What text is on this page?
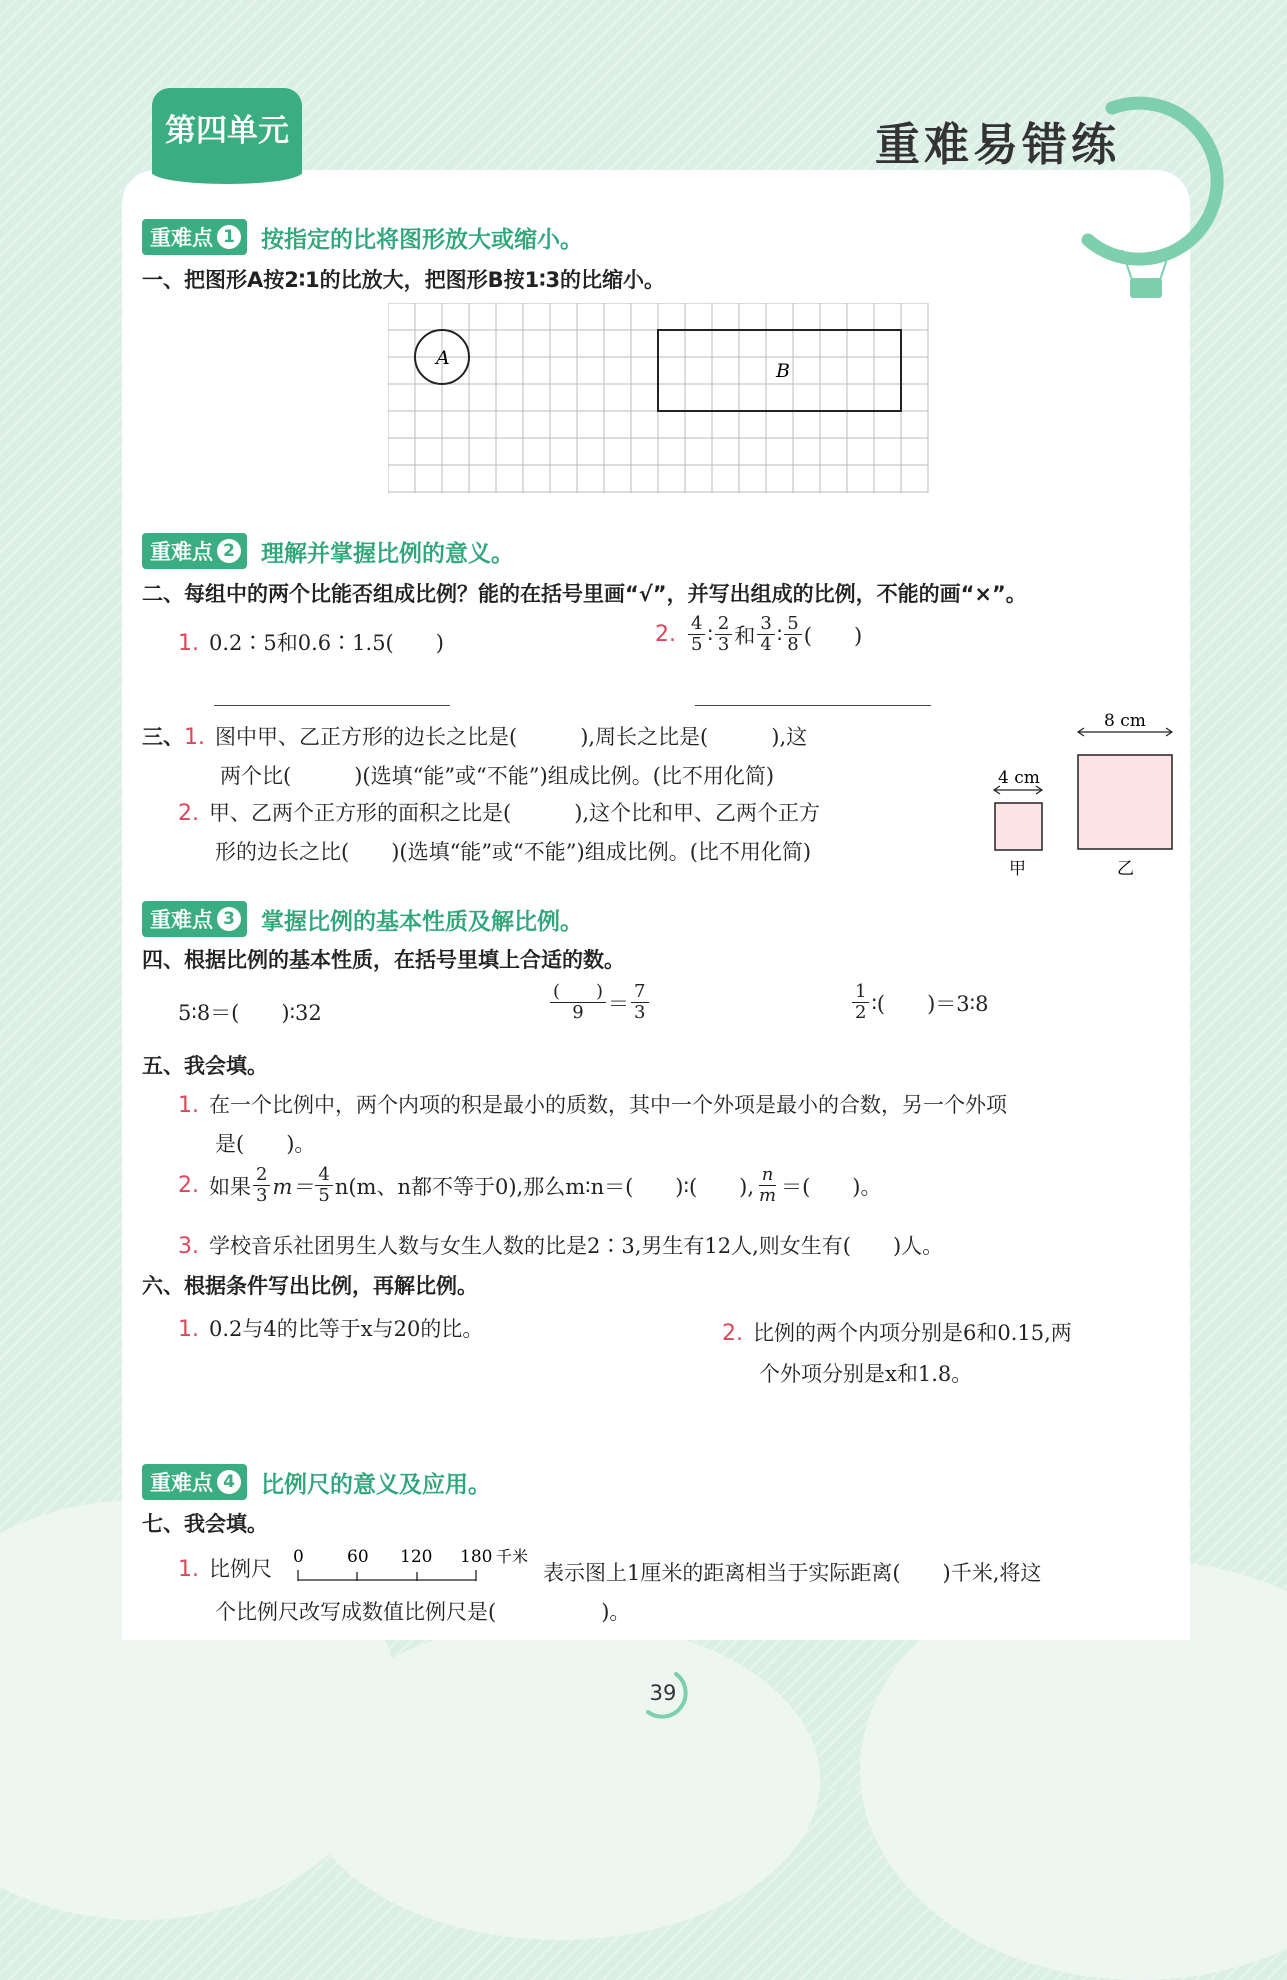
第四单元	重难易错练
重难点 1 按指定的比将图形放大或缩小。
一、把图形A按2∶1的比放大，把图形B按1∶3的比缩小。
A
B
重难点 2 理解并掌握比例的意义。
二、每组中的两个比能否组成比例？能的在括号里画“√”，并写出组成的比例，不能的画“×”。
1. 0.2∶5和0.6∶1.5(　　)	2. $\frac{4}{5}$ ∶ $\frac{2}{3}$ 和 $\frac{3}{4}$ ∶ $\frac{5}{8}$ (　　)
三、1. 图中甲、乙正方形的边长之比是(　　　),周长之比是(　　　),这
两个比(　　　)(选填“能”或“不能”)组成比例。(比不用化简)
2. 甲、乙两个正方形的面积之比是(　　　),这个比和甲、乙两个正方
形的边长之比(　　)(选填“能”或“不能”)组成比例。(比不用化简)
8 cm
4 cm
甲	乙
重难点 3 掌握比例的基本性质及解比例。
四、根据比例的基本性质，在括号里填上合适的数。
5∶8＝(　　)∶32	$\frac{( )}{9} = \frac{7}{3}$	$\frac{1}{2}$ ∶(　　)＝3∶8
五、我会填。
1. 在一个比例中，两个内项的积是最小的质数，其中一个外项是最小的合数，另一个外项
是(　　)。
2. 如果 $\frac{2}{3} m= \frac{4}{5} n(m$、n都不等于0),那么m∶n＝(　　)∶(　　), $\frac{n}{m}$ ＝(　　)。
3. 学校音乐社团男生人数与女生人数的比是2∶3,男生有12人,则女生有(　　)人。
六、根据条件写出比例，再解比例。
1. 0.2与4的比等于x与20的比。	2. 比例的两个内项分别是6和0.15,两
个外项分别是x和1.8。
重难点 4 比例尺的意义及应用。
七、我会填。
1. 比例尺 0	60 120 180 千米
表示图上1厘米的距离相当于实际距离(　　)千米,将这
个比例尺改写成数值比例尺是(　　　　　)。
39
